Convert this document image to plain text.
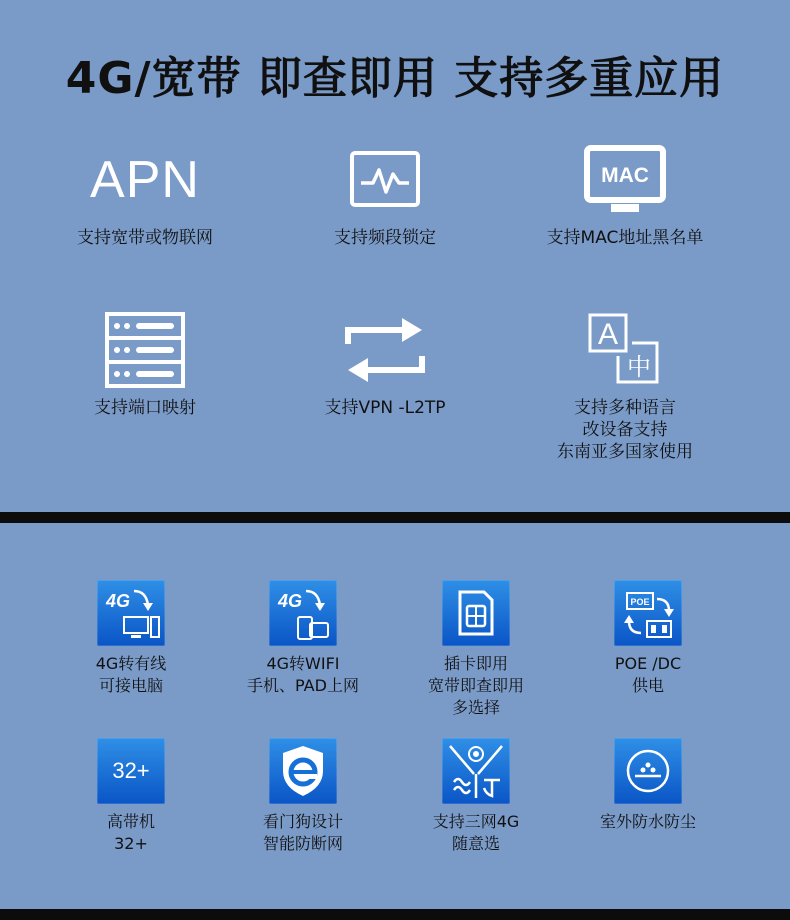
4G/宽带 即查即用 支持多重应用
APN
支持宽带或物联网	支持频段锁定
MAC
支持MAC地址黑名单
支持端口映射	支持VPN -L2TP
A
中
支持多种语言
改设备支持
东南亚多国家使用
4G
4G转有线
可接电脑
4G
4G转WIFI
手机、PAD上网
插卡即用
宽带即查即用
多选择
POE
POE /DC
供电
32+
高带机
32+
看门狗设计
智能防断网
支持三网4G
随意选
室外防水防尘
